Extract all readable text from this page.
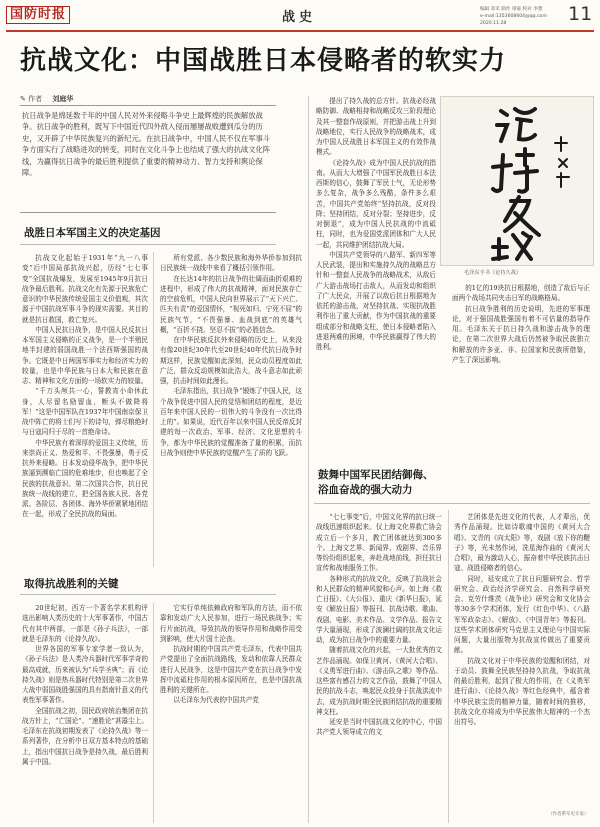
国防时报	战史
编辑 邓禾 制作 谭嘉 校对 李想
e-mail:1353608604@qq.com 2020.11.28	11
抗战文化：中国战胜日本侵略者的软实力
✎ 作者 刘庭华
抗日战争是绵延数千年的中国人民对外来侵略斗争史上最辉煌的民族解放战争。抗日战争的胜利，既写下中国近代四外敌入侵而屡屡战败遭到瓜分的历史，又开辟了中华民族复兴的新纪元。在抗日战争中，中国人民不仅在军事斗争方面实行了战略进攻的转变，同时在文化斗争上也结成了强大的抗战文化阵线，为赢得抗日战争的最后胜利提供了重要的精神动力、智力支持和舆论保障。
毛泽东手书《论持久战》
战胜日本军国主义的决定基因
取得抗战胜利的关键
鼓舞中国军民团结御侮、
浴血奋战的强大动力

抗战文化起始于1931年“九一八事变”后中国局部抗战兴起，历经“七七事变”全国抗战爆发，发展至1945年9月抗日战争最后胜利。抗战文化有先源于民族危亡意识的中华民族传统爱国主义价值观，其次源于中国抗战军事斗争的现实需要。其目的就是抗日救国，救亡复兴。

中国人民抗日战争，是中国人民反抗日本军国主义侵略的正义战争，是一个半殖民地半封建的弱国战胜一个法西斯强国的战争。它既是中日两国军事实力和经济实力的较量，也是中华民族与日本大和民族在意志、精神和文化方面的一场软实力的较量。

“千万头颅共一心，誓教宵小命休此身，人尽留名励留血，断头不做降将军！”这是中国军队在1937年中国南京保卫战中阵亡的将士们写下的诗句，弹尽粮绝时与日寇同归于尽的一首绝命诗。

中华民族有着深厚的爱国主义传统，历来崇尚正义、热爱和平、不畏强暴，勇于反抗外来侵略。日本发动侵华战争，把中华民族逼到濒临亡国的危难地步，但也唤起了全民族的抗战意识。第二次国共合作，抗日民族统一战线的建立，把全国各族人民、各党派、各阶层、各团体、海外华侨紧紧地团结在一起，形成了全民抗战的局面。

所有党派、各少数民族和海外华侨参加到抗日民族统一战线中来看了概括引领作用。

在长达14年的抗日战争的壮阔而曲折艰难的进程中，形成了伟大的抗战精神，面对民族存亡的空前危机，中国人民向世界展示了“天下兴亡、匹夫有责”的爱国情怀，“视死如归、宁死不屈”的民族气节，“不畏强暴、血战到底”的英雄气概，“百折不挠、坚忍不拔”的必胜信念。

在中华民族反抗外来侵略的历史上，从来没有像20世纪30年代至20世纪40年代抗日战争时期这样，民族觉醒如此深刻，民众动员程度如此广泛，群众反动规模如此浩大，战斗意志如此顽强，抗击时间如此漫长。

毛泽东指出，抗日战争“锻炼了中国人民，这个战争促进中国人民的觉悟和团结的程度，是近百年来中国人民的一切伟大的斗争没有一次比得上的”。如果说，近代百年以来中国人民反帝反封建的每一次政治、军事、经济、文化思想的斗争，都为中华民族的觉醒准备了量的积累，而抗日战争则使中华民族的觉醒产生了质的飞跃。

提出了持久战的总方针。抗战必经战略防御、战略相持和战略反攻三阶段理论及其一整套作战原则，并把游击战上升到战略地位，实行人民战争的战略战术，成为中国人民战胜日本军国主义的有效作战模式。

《论持久战》成为中国人民抗战的指南。从而大大增强了中国军民战胜日本法西斯的信心，鼓舞了军民士气，无论形势多么复杂，战争多么残酷，条件多么艰苦，中国共产党始终“坚持抗战，反对投降；坚持团结，反对分裂；坚持进步，反对倒退”，成为中国人民抗战的中流砥柱，同时，也为爱国党派团体和广大人民一起，共同维护团结抗战大局。

中国共产党领导的八路军、新四军等人民武装，提出和实施持久战的战略总方针和一整套人民战争的战略战术，从敌后广大游击战场打击敌人，从而发动和组织了广大民众，开展了以敌后抗日根据地为依托的游击战，对坚持抗战、实现抗战胜利作出了重大贡献，作为中国抗战的重要组成部分和战略支柱，使日本侵略者陷入进退两难的困境，中华民族赢得了伟大的胜利。

的1亿的19块抗日根据地，创造了敌后与正面两个战场共同夹击日军的战略格局。

抗日战争胜利的历史说明，先进的军事理论，对于强国战胜强国有着不可估量的指导作用。毛泽东关于抗日持久战和游击战争的理论，在第二次世界大战后仍然被争取民族独立和解放的许多亚、非、拉国家和民族所借鉴，产生了深远影响。

20世纪初，西方一个著名学术机构评选出影响人类历史的十大军事著作，中国古代有其中两部，一部是《孙子兵法》，一部就是毛泽东的《论持久战》。

世界各国的军事专家学者一致认为，《孙子兵法》是人类冷兵器时代军事学奇的最高成就，历来被认为“兵学圣典”；而《论持久战》则是热兵器时代特别是第二次世界大战中弱国战胜强国的具有指南针意义的代表性军事著作。

全国抗战之初，国民政府统治集团在抗战方针上，“亡国论”、“速胜论”甚嚣尘上。毛泽东在抗战初期发表了《论持久战》等一系列著作，在分析中日双方基本特点的基础上，指出中国抗日战争是持久战，最后胜利属于中国。

它实行单纯依赖政府和军队的方法，而不依靠和发动广大人民参加，进行一场民族战争；实行片面抗战，导致抗战的领导作用和战略作用受到影响，使大片国土沦丧。

抗战时期的中国共产党毛泽东，代表中国共产党提出了全面抗战路线，发动和依靠人民群众进行人民战争，这是中国共产党在抗日战争中发挥中流砥柱作用的根本原因所在，也是中国抗战胜利的关键所在。

以毛泽东为代表的中国共产党

“七七事变”后，中国文化界的抗日统一战线迅速组织起来。仅上海文化界救亡协会成立后一个多月，教亡团体就达到300多个。上海文艺界、新闻界、戏剧界、音乐界等纷纷组织起来，奔赴战地前线，担任抗日宣传和战地服务工作。

各种形式的抗战文化，反映了抗战社会和人民群众的精神风貌和心声。如上海《救亡日报》、《大公报》、重庆《新华日报》，延安《解放日报》等报刊、抗战诗歌、歌曲、戏剧、电影、美术作品、文学作品、报告文学大量涌现，形成了波澜壮阔的抗战文化运动，成为抗日战争中的重要力量。

随着抗战文化的兴起，一大批优秀的文艺作品涌现。如保卫黄河、《黄河大合唱》、《义勇军进行曲》、《游击队之歌》等作品。这些富有感召力的文艺作品，鼓舞了中国人民的抗战斗志，唤起民众投身于抗战洪流中去，成为抗战时期全民族团结抗战的重要精神支柱。

延安是当时中国抗战文化的中心，中国共产党人领导成立的文

艺团体是先进文化的代表，人才辈出，优秀作品涌现。比如诗歌魂中国的《黄河大合唱》、文青的《向太阳》等，戏剧《放下你的鞭子》等，光未然作词，冼星海作曲的《黄河大合唱》，最为激动人心，振奋着中华民族抗击日寇、战胜侵略者的信心。

同时，延安成立了抗日问题研究会、哲学研究会、政治经济学研究会、自然科学研究会、克劳什维茨《战争论》研究会和文化协会等30多个学术团体，发行《红色中华》、《八路军军政杂志》、《解放》、《中国青年》等报刊。这些学术团体研究马克思主义理论与中国实际问题，大量出版物为抗战宣传做出了重要贡献。

抗战文化对于中华民族的觉醒和团结，对于动员、鼓舞全民族坚持持久抗战，争取抗战的最后胜利，起到了极大的作用，在《义勇军进行曲》、《论持久战》等红色经典中，蕴含着中华民族宝贵的精神力量，随着时间的推移，抗战文化亦将成为中华民族伟大精神的一个杰出符号。

（作者系军史专家）
